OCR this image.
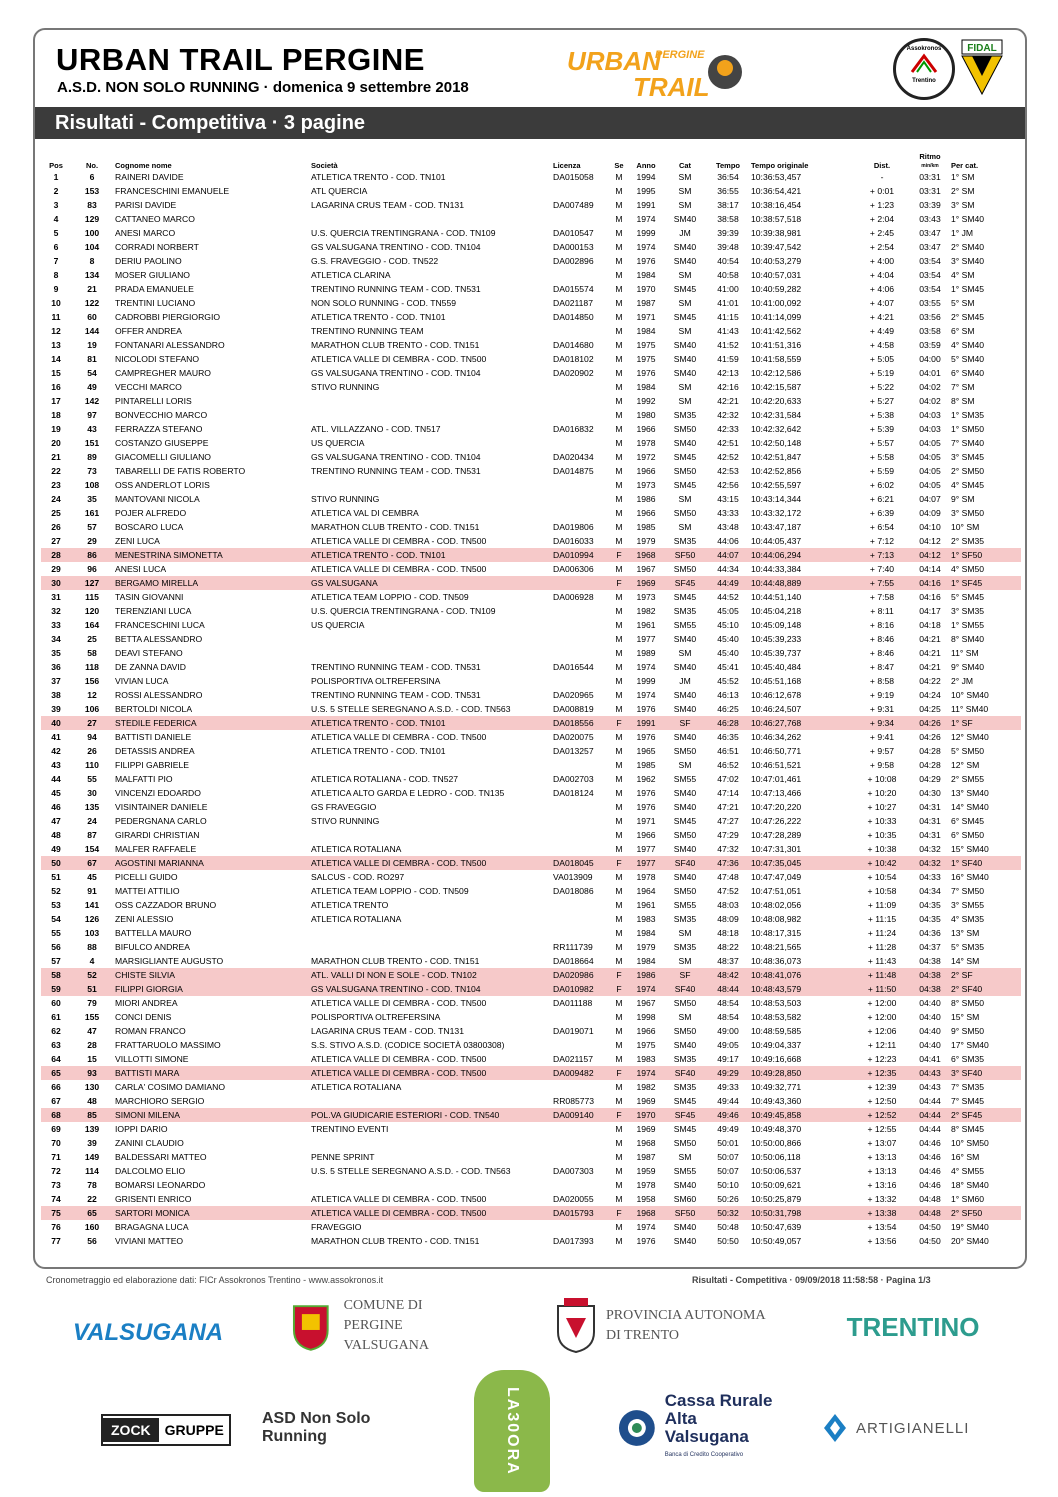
URBAN TRAIL PERGINE
A.S.D. NON SOLO RUNNING · domenica 9 settembre 2018
URBAN
PERGINE
TRAIL
Assokronos
Trentino
FIDAL
Risultati - Competitiva · 3 pagine
Pos	No.	Cognome nome	Società	Licenza	Se	Anno	Cat	Tempo	Tempo originale	Dist.	Ritmo
min/km	Per cat.
1	6	RAINERI DAVIDE	ATLETICA TRENTO - COD. TN101	DA015058	M	1994	SM	36:54	10:36:53,457	-	03:31	1° SM
2	153	FRANCESCHINI EMANUELE	ATL QUERCIA		M	1995	SM	36:55	10:36:54,421	+ 0:01	03:31	2° SM
3	83	PARISI DAVIDE	LAGARINA CRUS TEAM - COD. TN131	DA007489	M	1991	SM	38:17	10:38:16,454	+ 1:23	03:39	3° SM
4	129	CATTANEO MARCO			M	1974	SM40	38:58	10:38:57,518	+ 2:04	03:43	1° SM40
5	100	ANESI MARCO	U.S. QUERCIA TRENTINGRANA - COD. TN109	DA010547	M	1999	JM	39:39	10:39:38,981	+ 2:45	03:47	1° JM
6	104	CORRADI NORBERT	GS VALSUGANA TRENTINO - COD. TN104	DA000153	M	1974	SM40	39:48	10:39:47,542	+ 2:54	03:47	2° SM40
7	8	DERIU PAOLINO	G.S. FRAVEGGIO - COD. TN522	DA002896	M	1976	SM40	40:54	10:40:53,279	+ 4:00	03:54	3° SM40
8	134	MOSER GIULIANO	ATLETICA CLARINA		M	1984	SM	40:58	10:40:57,031	+ 4:04	03:54	4° SM
9	21	PRADA EMANUELE	TRENTINO RUNNING TEAM - COD. TN531	DA015574	M	1970	SM45	41:00	10:40:59,282	+ 4:06	03:54	1° SM45
10	122	TRENTINI LUCIANO	NON SOLO RUNNING - COD. TN559	DA021187	M	1987	SM	41:01	10:41:00,092	+ 4:07	03:55	5° SM
11	60	CADROBBI PIERGIORGIO	ATLETICA TRENTO - COD. TN101	DA014850	M	1971	SM45	41:15	10:41:14,099	+ 4:21	03:56	2° SM45
12	144	OFFER ANDREA	TRENTINO RUNNING TEAM		M	1984	SM	41:43	10:41:42,562	+ 4:49	03:58	6° SM
13	19	FONTANARI ALESSANDRO	MARATHON CLUB TRENTO - COD. TN151	DA014680	M	1975	SM40	41:52	10:41:51,316	+ 4:58	03:59	4° SM40
14	81	NICOLODI STEFANO	ATLETICA VALLE DI CEMBRA - COD. TN500	DA018102	M	1975	SM40	41:59	10:41:58,559	+ 5:05	04:00	5° SM40
15	54	CAMPREGHER MAURO	GS VALSUGANA TRENTINO - COD. TN104	DA020902	M	1976	SM40	42:13	10:42:12,586	+ 5:19	04:01	6° SM40
16	49	VECCHI MARCO	STIVO RUNNING		M	1984	SM	42:16	10:42:15,587	+ 5:22	04:02	7° SM
17	142	PINTARELLI LORIS			M	1992	SM	42:21	10:42:20,633	+ 5:27	04:02	8° SM
18	97	BONVECCHIO MARCO			M	1980	SM35	42:32	10:42:31,584	+ 5:38	04:03	1° SM35
19	43	FERRAZZA STEFANO	ATL. VILLAZZANO - COD. TN517	DA016832	M	1966	SM50	42:33	10:42:32,642	+ 5:39	04:03	1° SM50
20	151	COSTANZO GIUSEPPE	US QUERCIA		M	1978	SM40	42:51	10:42:50,148	+ 5:57	04:05	7° SM40
21	89	GIACOMELLI GIULIANO	GS VALSUGANA TRENTINO - COD. TN104	DA020434	M	1972	SM45	42:52	10:42:51,847	+ 5:58	04:05	3° SM45
22	73	TABARELLI DE FATIS ROBERTO	TRENTINO RUNNING TEAM - COD. TN531	DA014875	M	1966	SM50	42:53	10:42:52,856	+ 5:59	04:05	2° SM50
23	108	OSS ANDERLOT LORIS			M	1973	SM45	42:56	10:42:55,597	+ 6:02	04:05	4° SM45
24	35	MANTOVANI NICOLA	STIVO RUNNING		M	1986	SM	43:15	10:43:14,344	+ 6:21	04:07	9° SM
25	161	POJER ALFREDO	ATLETICA VAL DI CEMBRA		M	1966	SM50	43:33	10:43:32,172	+ 6:39	04:09	3° SM50
26	57	BOSCARO LUCA	MARATHON CLUB TRENTO - COD. TN151	DA019806	M	1985	SM	43:48	10:43:47,187	+ 6:54	04:10	10° SM
27	29	ZENI LUCA	ATLETICA VALLE DI CEMBRA - COD. TN500	DA016033	M	1979	SM35	44:06	10:44:05,437	+ 7:12	04:12	2° SM35
28	86	MENESTRINA SIMONETTA	ATLETICA TRENTO - COD. TN101	DA010994	F	1968	SF50	44:07	10:44:06,294	+ 7:13	04:12	1° SF50
29	96	ANESI LUCA	ATLETICA VALLE DI CEMBRA - COD. TN500	DA006306	M	1967	SM50	44:34	10:44:33,384	+ 7:40	04:14	4° SM50
30	127	BERGAMO MIRELLA	GS VALSUGANA		F	1969	SF45	44:49	10:44:48,889	+ 7:55	04:16	1° SF45
31	115	TASIN GIOVANNI	ATLETICA TEAM LOPPIO - COD. TN509	DA006928	M	1973	SM45	44:52	10:44:51,140	+ 7:58	04:16	5° SM45
32	120	TERENZIANI LUCA	U.S. QUERCIA TRENTINGRANA - COD. TN109		M	1982	SM35	45:05	10:45:04,218	+ 8:11	04:17	3° SM35
33	164	FRANCESCHINI LUCA	US QUERCIA		M	1961	SM55	45:10	10:45:09,148	+ 8:16	04:18	1° SM55
34	25	BETTA ALESSANDRO			M	1977	SM40	45:40	10:45:39,233	+ 8:46	04:21	8° SM40
35	58	DEAVI STEFANO			M	1989	SM	45:40	10:45:39,737	+ 8:46	04:21	11° SM
36	118	DE ZANNA DAVID	TRENTINO RUNNING TEAM - COD. TN531	DA016544	M	1974	SM40	45:41	10:45:40,484	+ 8:47	04:21	9° SM40
37	156	VIVIAN LUCA	POLISPORTIVA OLTREFERSINA		M	1999	JM	45:52	10:45:51,168	+ 8:58	04:22	2° JM
38	12	ROSSI ALESSANDRO	TRENTINO RUNNING TEAM - COD. TN531	DA020965	M	1974	SM40	46:13	10:46:12,678	+ 9:19	04:24	10° SM40
39	106	BERTOLDI NICOLA	U.S. 5 STELLE SEREGNANO A.S.D. - COD. TN563	DA008819	M	1976	SM40	46:25	10:46:24,507	+ 9:31	04:25	11° SM40
40	27	STEDILE FEDERICA	ATLETICA TRENTO - COD. TN101	DA018556	F	1991	SF	46:28	10:46:27,768	+ 9:34	04:26	1° SF
41	94	BATTISTI DANIELE	ATLETICA VALLE DI CEMBRA - COD. TN500	DA020075	M	1976	SM40	46:35	10:46:34,262	+ 9:41	04:26	12° SM40
42	26	DETASSIS ANDREA	ATLETICA TRENTO - COD. TN101	DA013257	M	1965	SM50	46:51	10:46:50,771	+ 9:57	04:28	5° SM50
43	110	FILIPPI GABRIELE			M	1985	SM	46:52	10:46:51,521	+ 9:58	04:28	12° SM
44	55	MALFATTI PIO	ATLETICA ROTALIANA - COD. TN527	DA002703	M	1962	SM55	47:02	10:47:01,461	+ 10:08	04:29	2° SM55
45	30	VINCENZI EDOARDO	ATLETICA ALTO GARDA E LEDRO - COD. TN135	DA018124	M	1976	SM40	47:14	10:47:13,466	+ 10:20	04:30	13° SM40
46	135	VISINTAINER DANIELE	GS FRAVEGGIO		M	1976	SM40	47:21	10:47:20,220	+ 10:27	04:31	14° SM40
47	24	PEDERGNANA CARLO	STIVO RUNNING		M	1971	SM45	47:27	10:47:26,222	+ 10:33	04:31	6° SM45
48	87	GIRARDI CHRISTIAN			M	1966	SM50	47:29	10:47:28,289	+ 10:35	04:31	6° SM50
49	154	MALFER RAFFAELE	ATLETICA ROTALIANA		M	1977	SM40	47:32	10:47:31,301	+ 10:38	04:32	15° SM40
50	67	AGOSTINI MARIANNA	ATLETICA VALLE DI CEMBRA - COD. TN500	DA018045	F	1977	SF40	47:36	10:47:35,045	+ 10:42	04:32	1° SF40
51	45	PICELLI GUIDO	SALCUS - COD. RO297	VA013909	M	1978	SM40	47:48	10:47:47,049	+ 10:54	04:33	16° SM40
52	91	MATTEI ATTILIO	ATLETICA TEAM LOPPIO - COD. TN509	DA018086	M	1964	SM50	47:52	10:47:51,051	+ 10:58	04:34	7° SM50
53	141	OSS CAZZADOR BRUNO	ATLETICA TRENTO		M	1961	SM55	48:03	10:48:02,056	+ 11:09	04:35	3° SM55
54	126	ZENI ALESSIO	ATLETICA ROTALIANA		M	1983	SM35	48:09	10:48:08,982	+ 11:15	04:35	4° SM35
55	103	BATTELLA MAURO			M	1984	SM	48:18	10:48:17,315	+ 11:24	04:36	13° SM
56	88	BIFULCO ANDREA		RR111739	M	1979	SM35	48:22	10:48:21,565	+ 11:28	04:37	5° SM35
57	4	MARSIGLIANTE AUGUSTO	MARATHON CLUB TRENTO - COD. TN151	DA018664	M	1984	SM	48:37	10:48:36,073	+ 11:43	04:38	14° SM
58	52	CHISTE SILVIA	ATL. VALLI DI NON E SOLE - COD. TN102	DA020986	F	1986	SF	48:42	10:48:41,076	+ 11:48	04:38	2° SF
59	51	FILIPPI GIORGIA	GS VALSUGANA TRENTINO - COD. TN104	DA010982	F	1974	SF40	48:44	10:48:43,579	+ 11:50	04:38	2° SF40
60	79	MIORI ANDREA	ATLETICA VALLE DI CEMBRA - COD. TN500	DA011188	M	1967	SM50	48:54	10:48:53,503	+ 12:00	04:40	8° SM50
61	155	CONCI DENIS	POLISPORTIVA OLTREFERSINA		M	1998	SM	48:54	10:48:53,582	+ 12:00	04:40	15° SM
62	47	ROMAN FRANCO	LAGARINA CRUS TEAM - COD. TN131	DA019071	M	1966	SM50	49:00	10:48:59,585	+ 12:06	04:40	9° SM50
63	28	FRATTARUOLO MASSIMO	S.S. STIVO A.S.D. (CODICE SOCIETÀ 03800308)		M	1975	SM40	49:05	10:49:04,337	+ 12:11	04:40	17° SM40
64	15	VILLOTTI SIMONE	ATLETICA VALLE DI CEMBRA - COD. TN500	DA021157	M	1983	SM35	49:17	10:49:16,668	+ 12:23	04:41	6° SM35
65	93	BATTISTI MARA	ATLETICA VALLE DI CEMBRA - COD. TN500	DA009482	F	1974	SF40	49:29	10:49:28,850	+ 12:35	04:43	3° SF40
66	130	CARLA' COSIMO DAMIANO	ATLETICA ROTALIANA		M	1982	SM35	49:33	10:49:32,771	+ 12:39	04:43	7° SM35
67	48	MARCHIORO SERGIO		RR085773	M	1969	SM45	49:44	10:49:43,360	+ 12:50	04:44	7° SM45
68	85	SIMONI MILENA	POL.VA GIUDICARIE ESTERIORI - COD. TN540	DA009140	F	1970	SF45	49:46	10:49:45,858	+ 12:52	04:44	2° SF45
69	139	IOPPI DARIO	TRENTINO EVENTI		M	1969	SM45	49:49	10:49:48,370	+ 12:55	04:44	8° SM45
70	39	ZANINI CLAUDIO			M	1968	SM50	50:01	10:50:00,866	+ 13:07	04:46	10° SM50
71	149	BALDESSARI MATTEO	PENNE SPRINT		M	1987	SM	50:07	10:50:06,118	+ 13:13	04:46	16° SM
72	114	DALCOLMO ELIO	U.S. 5 STELLE SEREGNANO A.S.D. - COD. TN563	DA007303	M	1959	SM55	50:07	10:50:06,537	+ 13:13	04:46	4° SM55
73	78	BOMARSI LEONARDO			M	1978	SM40	50:10	10:50:09,621	+ 13:16	04:46	18° SM40
74	22	GRISENTI ENRICO	ATLETICA VALLE DI CEMBRA - COD. TN500	DA020055	M	1958	SM60	50:26	10:50:25,879	+ 13:32	04:48	1° SM60
75	65	SARTORI MONICA	ATLETICA VALLE DI CEMBRA - COD. TN500	DA015793	F	1968	SF50	50:32	10:50:31,798	+ 13:38	04:48	2° SF50
76	160	BRAGAGNA LUCA	FRAVEGGIO		M	1974	SM40	50:48	10:50:47,639	+ 13:54	04:50	19° SM40
77	56	VIVIANI MATTEO	MARATHON CLUB TRENTO - COD. TN151	DA017393	M	1976	SM40	50:50	10:50:49,057	+ 13:56	04:50	20° SM40
Cronometraggio ed elaborazione dati: FICr Assokronos Trentino - www.assokronos.it	Risultati - Competitiva · 09/09/2018 11:58:58 · Pagina 1/3
VALSUGANA
COMUNE DI
PERGINE VALSUGANA
PROVINCIA AUTONOMA
DI TRENTO	TRENTINO
ZOCK	GRUPPE
ASD Non Solo Running	LA30ORA	Cassa Rurale
Alta Valsugana
Banca di Credito Cooperativo
ARTIGIANELLI
